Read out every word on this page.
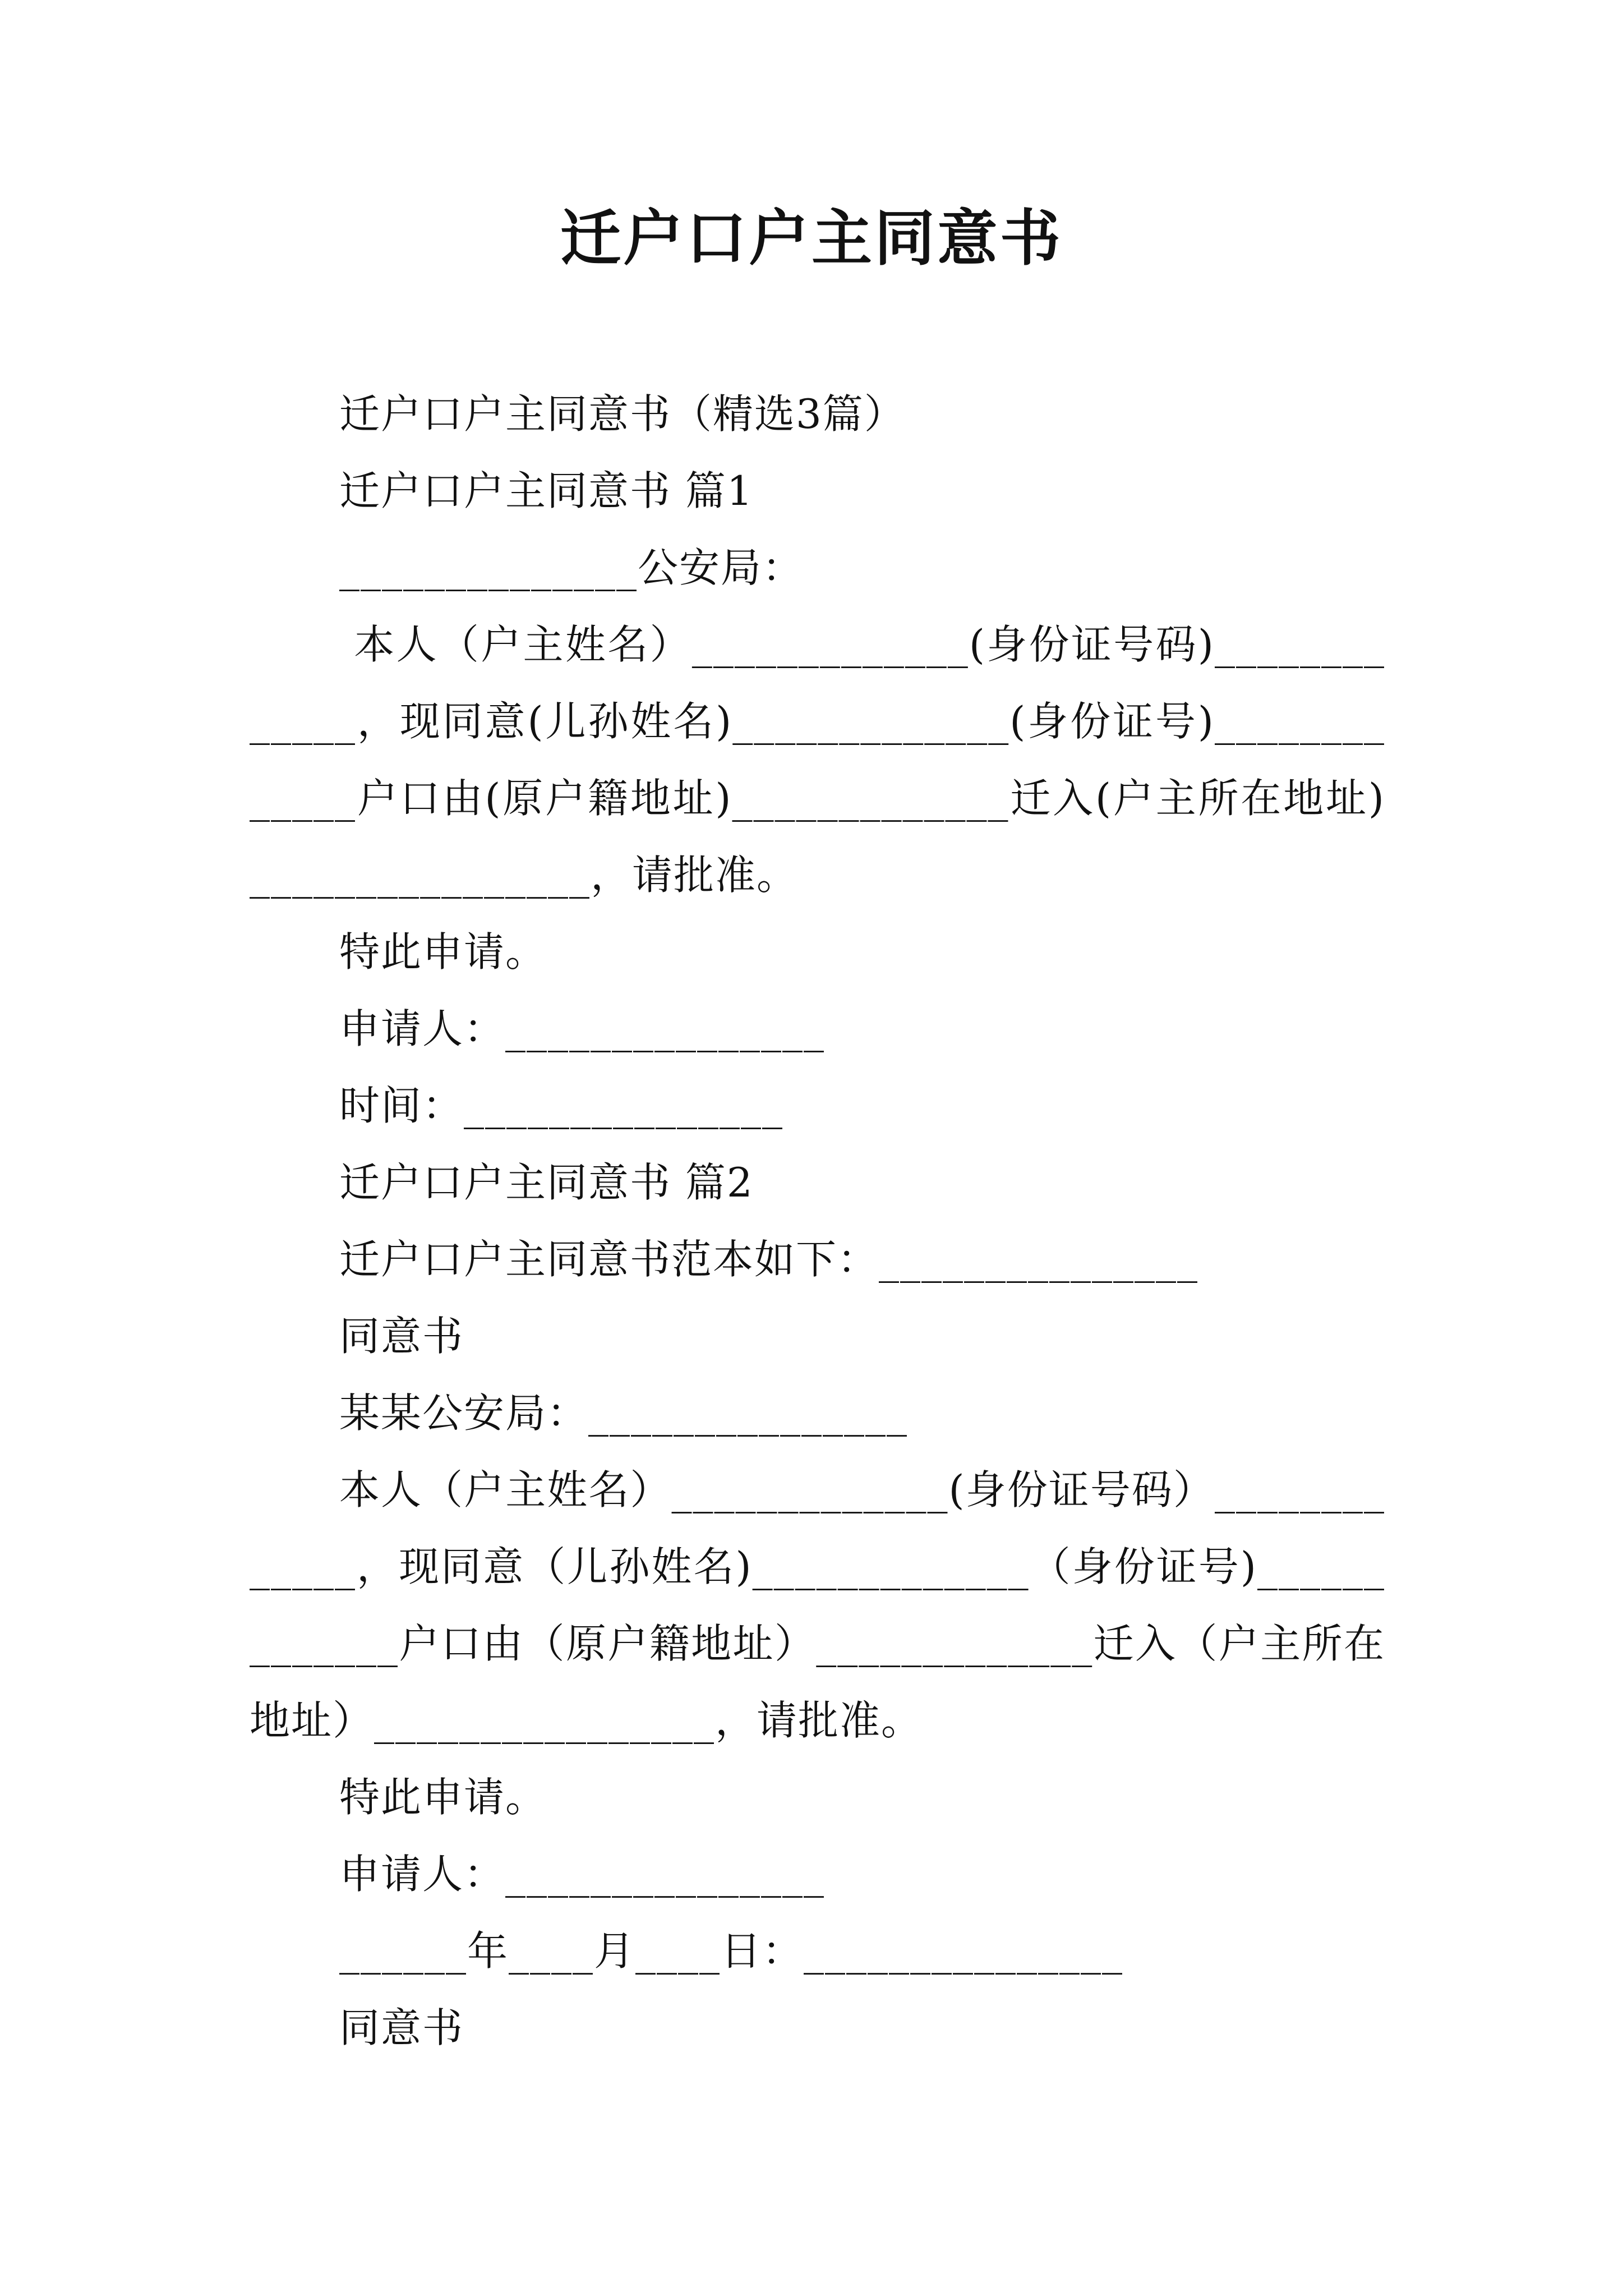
迁户口户主同意书

迁户口户主同意书（精选3篇）

迁户口户主同意书 篇1

______________公安局：

本人（户主姓名）_____________(身份证号码)_____________，现同意(儿孙姓名)_____________(身份证号)_____________户口由(原户籍地址)_____________迁入(户主所在地址)________________，请批准。

特此申请。

申请人：_______________

时间：_______________

迁户口户主同意书 篇2

迁户口户主同意书范本如下：_______________

同意书

某某公安局：_______________

本人（户主姓名）_____________(身份证号码）_____________，现同意（儿孙姓名)_____________（身份证号)_____________户口由（原户籍地址）_____________迁入（户主所在地址）________________，请批准。

特此申请。

申请人：_______________

______年____月____日：_______________

同意书
